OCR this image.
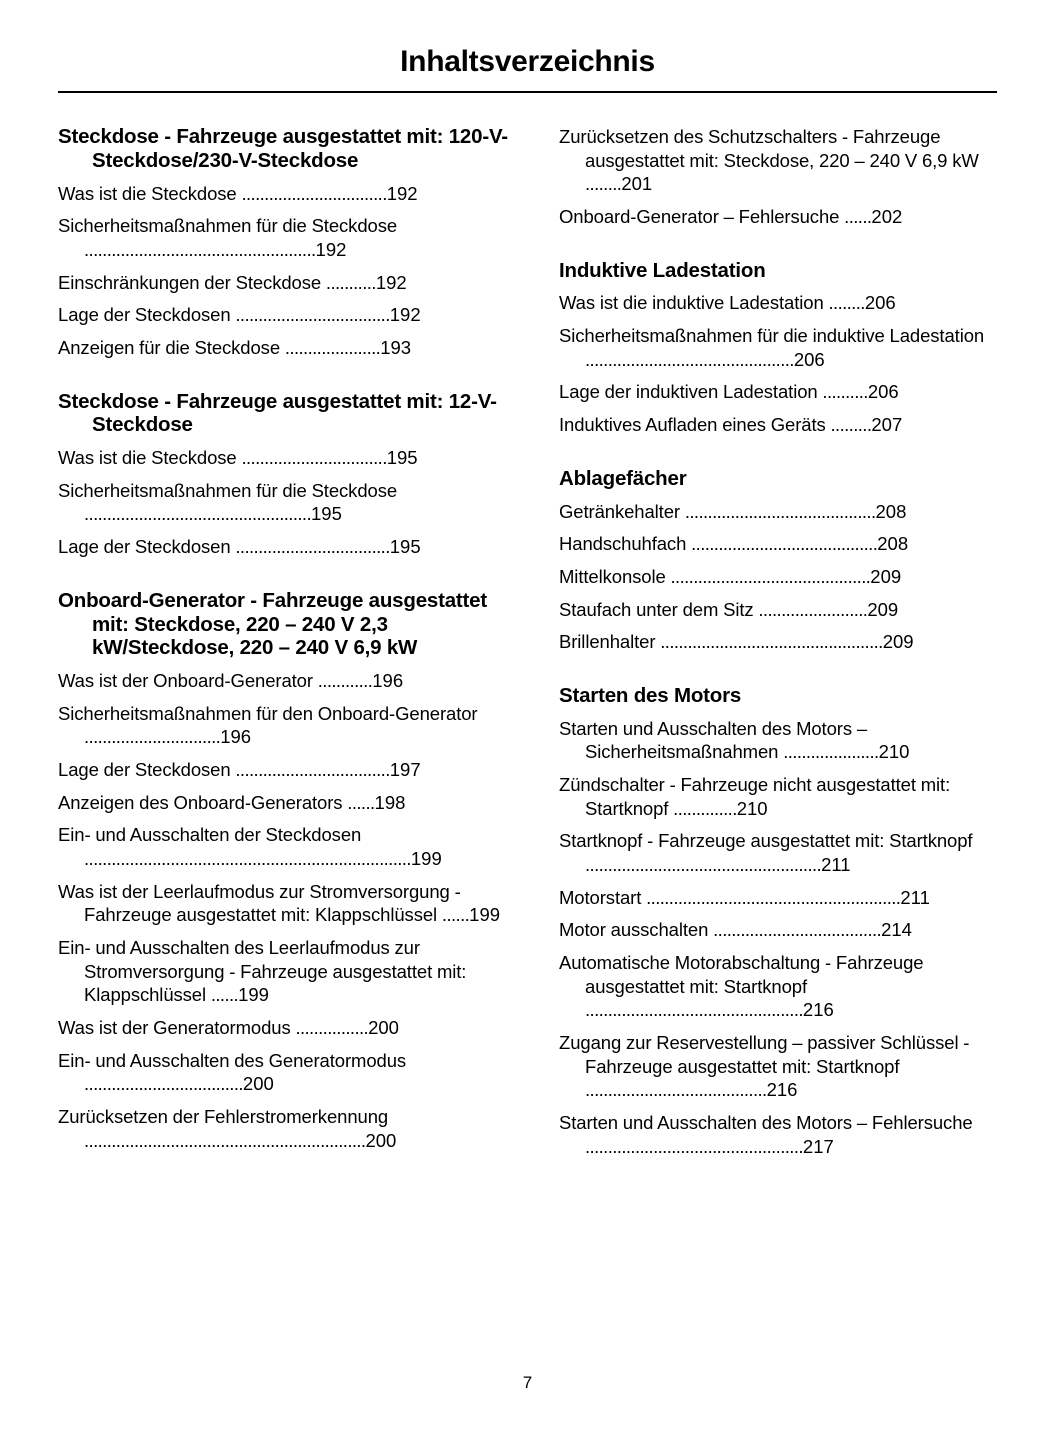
Inhaltsverzeichnis
Steckdose - Fahrzeuge ausgestattet mit: 120-V-Steckdose/230-V-Steckdose
Was ist die Steckdose ................................192
Sicherheitsmaßnahmen für die Steckdose ...................................................192
Einschränkungen der Steckdose ...........192
Lage der Steckdosen ..................................192
Anzeigen für die Steckdose .....................193
Steckdose - Fahrzeuge ausgestattet mit: 12-V-Steckdose
Was ist die Steckdose ................................195
Sicherheitsmaßnahmen für die Steckdose ..................................................195
Lage der Steckdosen ..................................195
Onboard-Generator - Fahrzeuge ausgestattet mit: Steckdose, 220 – 240 V 2,3 kW/Steckdose, 220 – 240 V 6,9 kW
Was ist der Onboard-Generator ............196
Sicherheitsmaßnahmen für den Onboard-Generator ..............................196
Lage der Steckdosen ..................................197
Anzeigen des Onboard-Generators ......198
Ein- und Ausschalten der Steckdosen ........................................................................199
Was ist der Leerlaufmodus zur Stromversorgung - Fahrzeuge ausgestattet mit: Klappschlüssel ......199
Ein- und Ausschalten des Leerlaufmodus zur Stromversorgung - Fahrzeuge ausgestattet mit: Klappschlüssel ......199
Was ist der Generatormodus ................200
Ein- und Ausschalten des Generatormodus ...................................200
Zurücksetzen der Fehlerstromerkennung ..............................................................200
Zurücksetzen des Schutzschalters - Fahrzeuge ausgestattet mit: Steckdose, 220 – 240 V 6,9 kW ........201
Onboard-Generator – Fehlersuche ......202
Induktive Ladestation
Was ist die induktive Ladestation ........206
Sicherheitsmaßnahmen für die induktive Ladestation ..............................................206
Lage der induktiven Ladestation ..........206
Induktives Aufladen eines Geräts .........207
Ablagefächer
Getränkehalter ..........................................208
Handschuhfach .........................................208
Mittelkonsole ............................................209
Staufach unter dem Sitz ........................209
Brillenhalter .................................................209
Starten des Motors
Starten und Ausschalten des Motors – Sicherheitsmaßnahmen .....................210
Zündschalter - Fahrzeuge nicht ausgestattet mit: Startknopf ..............210
Startknopf - Fahrzeuge ausgestattet mit: Startknopf ....................................................211
Motorstart ........................................................211
Motor ausschalten .....................................214
Automatische Motorabschaltung - Fahrzeuge ausgestattet mit: Startknopf ................................................216
Zugang zur Reservestellung – passiver Schlüssel - Fahrzeuge ausgestattet mit: Startknopf ........................................216
Starten und Ausschalten des Motors – Fehlersuche ................................................217
7
